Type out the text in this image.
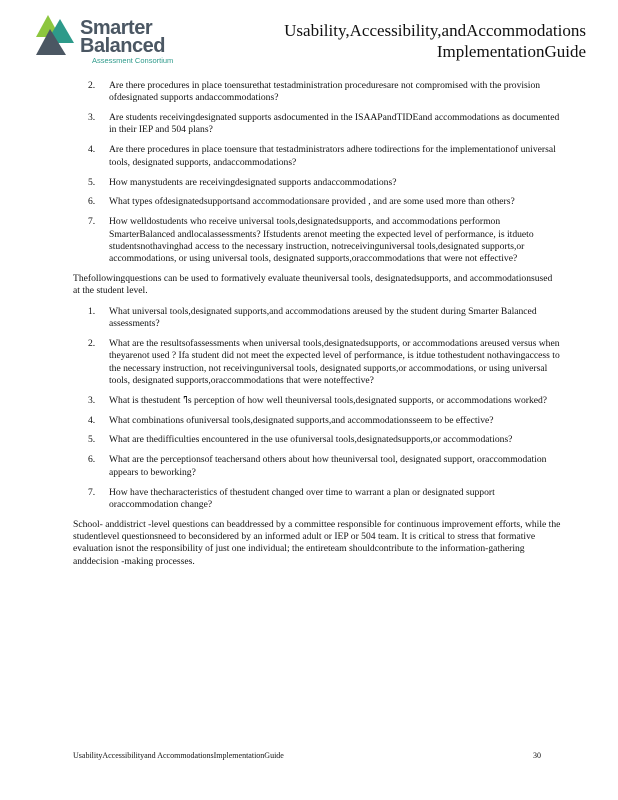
Smarter
Balanced
Assessment Consortium
Usability,Accessibility,andAccommodations
ImplementationGuide
2. Are there procedures in place toensurethat testadministration proceduresare not compromised with the provision ofdesignated supports andaccommodations?
3. Are students receivingdesignated supports asdocumented in the ISAAPandTIDEand accommodations as documented in their IEP and 504 plans?
4. Are there procedures in place toensure that testadministrators adhere todirections for the implementationof universal tools, designated supports, andaccommodations?
5. How manystudents are receivingdesignated supports andaccommodations?
6. What types ofdesignatedsupportsand accommodationsare provided , and are some used more than others?
7. How welldostudents who receive universal tools,designatedsupports, and accommodations performon SmarterBalanced andlocalassessments? Ifstudents arenot meeting the expected level of performance, is itdueto studentsnothavinghad access to the necessary instruction, notreceivinguniversal tools,designated supports,or accommodations, or using universal tools, designated supports,oraccommodations that were not effective?

Thefollowingquestions can be used to formatively evaluate theuniversal tools, designatedsupports, and accommodationsused at the student level.

1. What universal tools,designated supports,and accommodations areused by the student during Smarter Balanced assessments?
2. What are the resultsofassessments when universal tools,designatedsupports, or accommodations areused versus when theyarenot used ? Ifa student did not meet the expected level of performance, is itdue tothestudent nothavingaccess to the necessary instruction, not receivinguniversal tools, designated supports,or accommodations, or using universal tools, designated supports,oraccommodations that were noteffective?
3. What is thestudent ߣs perception of how well theuniversal tools,designated supports, or accommodations worked?
4. What combinations ofuniversal tools,designated supports,and accommodationsseem to be effective?
5. What are thedifficulties encountered in the use ofuniversal tools,designatedsupports,or accommodations?
6. What are the perceptionsof teachersand others about how theuniversal tool, designated support, oraccommodation appears to beworking?
7. How have thecharacteristics of thestudent changed over time to warrant a plan or designated support oraccommodation change?

School- anddistrict -level questions can beaddressed by a committee responsible for continuous improvement efforts, while the studentlevel questionsneed to beconsidered by an informed adult or IEP or 504 team. It is critical to stress that formative evaluation isnot the responsibility of just one individual; the entireteam shouldcontribute to the information-gathering anddecision -making processes.

UsabilityAccessibilityand AccommodationsImplementationGuide	30
